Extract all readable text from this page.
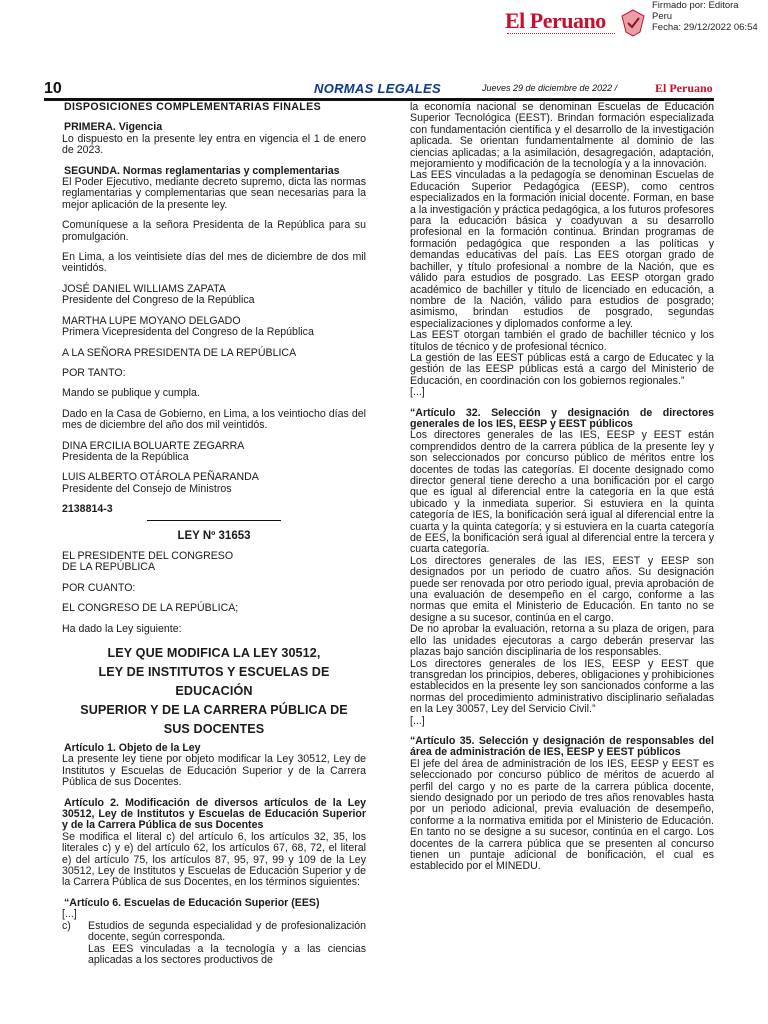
El Peruano
Firmado por: Editora
Peru
Fecha: 29/12/2022 06:54
10	NORMAS LEGALES	Jueves 29 de diciembre de 2022 /	El Peruano

DISPOSICIONES COMPLEMENTARIAS FINALES

PRIMERA. Vigencia

Lo dispuesto en la presente ley entra en vigencia el 1 de enero de 2023.

SEGUNDA. Normas reglamentarias y complementarias

El Poder Ejecutivo, mediante decreto supremo, dicta las normas reglamentarias y complementarias que sean necesarias para la mejor aplicación de la presente ley.

Comuníquese a la señora Presidenta de la República para su promulgación.

En Lima, a los veintisiete días del mes de diciembre de dos mil veintidós.

JOSÉ DANIEL WILLIAMS ZAPATA

Presidente del Congreso de la República

MARTHA LUPE MOYANO DELGADO

Primera Vicepresidenta del Congreso de la República

A LA SEÑORA PRESIDENTA DE LA REPÚBLICA

POR TANTO:

Mando se publique y cumpla.

Dado en la Casa de Gobierno, en Lima, a los veintiocho días del mes de diciembre del año dos mil veintidós.

DINA ERCILIA BOLUARTE ZEGARRA

Presidenta de la República

LUIS ALBERTO OTÁROLA PEÑARANDA

Presidente del Consejo de Ministros

2138814-3

LEY Nº 31653

EL PRESIDENTE DEL CONGRESO

DE LA REPÚBLICA

POR CUANTO:

EL CONGRESO DE LA REPÚBLICA;

Ha dado la Ley siguiente:

LEY QUE MODIFICA LA LEY 30512,

LEY DE INSTITUTOS Y ESCUELAS DE EDUCACIÓN

SUPERIOR Y DE LA CARRERA PÚBLICA DE

SUS DOCENTES

Artículo 1. Objeto de la Ley

La presente ley tiene por objeto modificar la Ley 30512, Ley de Institutos y Escuelas de Educación Superior y de la Carrera Pública de sus Docentes.

Artículo 2. Modificación de diversos artículos de la Ley 30512, Ley de Institutos y Escuelas de Educación Superior y de la Carrera Pública de sus Docentes

Se modifica el literal c) del artículo 6, los artículos 32, 35, los literales c) y e) del artículo 62, los artículos 67, 68, 72, el literal e) del artículo 75, los artículos 87, 95, 97, 99 y 109 de la Ley 30512, Ley de Institutos y Escuelas de Educación Superior y de la Carrera Pública de sus Docentes, en los términos siguientes:

“Artículo 6. Escuelas de Educación Superior (EES)

[...]

c)	Estudios de segunda especialidad y de profesionalización docente, según corresponda.

Las EES vinculadas a la tecnología y a las ciencias aplicadas a los sectores productivos de

la economía nacional se denominan Escuelas de Educación Superior Tecnológica (EEST). Brindan formación especializada con fundamentación científica y el desarrollo de la investigación aplicada. Se orientan fundamentalmente al dominio de las ciencias aplicadas; a la asimilación, desagregación, adaptación, mejoramiento y modificación de la tecnología y a la innovación.

Las EES vinculadas a la pedagogía se denominan Escuelas de Educación Superior Pedagógica (EESP), como centros especializados en la formación inicial docente. Forman, en base a la investigación y práctica pedagógica, a los futuros profesores para la educación básica y coadyuvan a su desarrollo profesional en la formación continua. Brindan programas de formación pedagógica que responden a las políticas y demandas educativas del país. Las EES otorgan grado de bachiller, y título profesional a nombre de la Nación, que es válido para estudios de posgrado. Las EESP otorgan grado académico de bachiller y título de licenciado en educación, a nombre de la Nación, válido para estudios de posgrado; asimismo, brindan estudios de posgrado, segundas especializaciones y diplomados conforme a ley.

Las EEST otorgan también el grado de bachiller técnico y los títulos de técnico y de profesional técnico.

La gestión de las EEST públicas está a cargo de Educatec y la gestión de las EESP públicas está a cargo del Ministerio de Educación, en coordinación con los gobiernos regionales.”

[...]

“Artículo 32. Selección y designación de directores generales de los IES, EESP y EEST públicos

Los directores generales de las IES, EESP y EEST están comprendidos dentro de la carrera pública de la presente ley y son seleccionados por concurso público de méritos entre los docentes de todas las categorías. El docente designado como director general tiene derecho a una bonificación por el cargo que es igual al diferencial entre la categoría en la que está ubicado y la inmediata superior. Si estuviera en la quinta categoría de IES, la bonificación será igual al diferencial entre la cuarta y la quinta categoría; y si estuviera en la cuarta categoría de EES, la bonificación será igual al diferencial entre la tercera y cuarta categoría.

Los directores generales de las IES, EEST y EESP son designados por un periodo de cuatro años. Su designación puede ser renovada por otro periodo igual, previa aprobación de una evaluación de desempeño en el cargo, conforme a las normas que emita el Ministerio de Educación. En tanto no se designe a su sucesor, continúa en el cargo.

De no aprobar la evaluación, retorna a su plaza de origen, para ello las unidades ejecutoras a cargo deberán preservar las plazas bajo sanción disciplinaria de los responsables.

Los directores generales de los IES, EESP y EEST que transgredan los principios, deberes, obligaciones y prohibiciones establecidos en la presente ley son sancionados conforme a las normas del procedimiento administrativo disciplinario señaladas en la Ley 30057, Ley del Servicio Civil.”

[...]

“Artículo 35. Selección y designación de responsables del área de administración de IES, EESP y EEST públicos

El jefe del área de administración de los IES, EESP y EEST es seleccionado por concurso público de méritos de acuerdo al perfil del cargo y no es parte de la carrera pública docente, siendo designado por un periodo de tres años renovables hasta por un periodo adicional, previa evaluación de desempeño, conforme a la normativa emitida por el Ministerio de Educación. En tanto no se designe a su sucesor, continúa en el cargo. Los docentes de la carrera pública que se presenten al concurso tienen un puntaje adicional de bonificación, el cual es establecido por el MINEDU.
